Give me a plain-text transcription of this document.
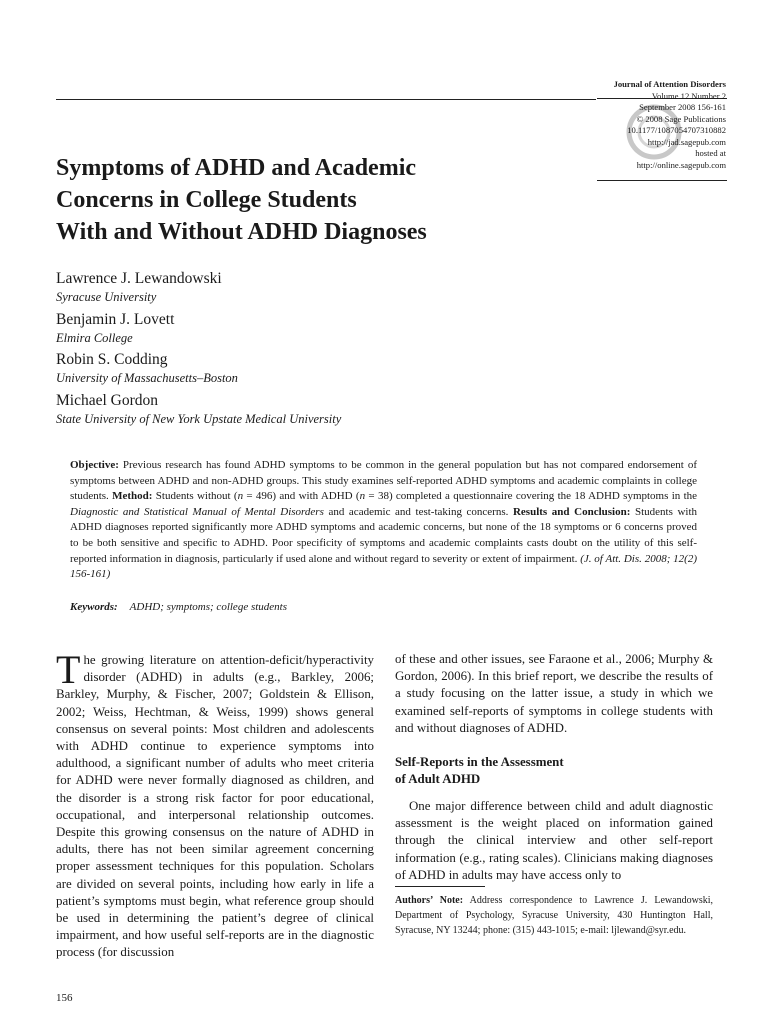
Journal of Attention Disorders
Volume 12 Number 2
September 2008 156-161
© 2008 Sage Publications
10.1177/1087054707310882
http://jad.sagepub.com
hosted at
http://online.sagepub.com
Symptoms of ADHD and Academic
Concerns in College Students
With and Without ADHD Diagnoses
Lawrence J. Lewandowski
Syracuse University
Benjamin J. Lovett
Elmira College
Robin S. Codding
University of Massachusetts–Boston
Michael Gordon
State University of New York Upstate Medical University

Objective: Previous research has found ADHD symptoms to be common in the general population but has not compared endorsement of symptoms between ADHD and non-ADHD groups. This study examines self-reported ADHD symptoms and academic complaints in college students. Method: Students without (n = 496) and with ADHD (n = 38) completed a questionnaire covering the 18 ADHD symptoms in the Diagnostic and Statistical Manual of Mental Disorders and academic and test-taking concerns. Results and Conclusion: Students with ADHD diagnoses reported significantly more ADHD symptoms and academic concerns, but none of the 18 symptoms or 6 concerns proved to be both sensitive and specific to ADHD. Poor specificity of symptoms and academic complaints casts doubt on the utility of this self-reported information in diagnosis, particularly if used alone and without regard to severity or extent of impairment. (J. of Att. Dis. 2008; 12(2) 156-161)

Keywords: ADHD; symptoms; college students

The growing literature on attention-deficit/hyperactivity disorder (ADHD) in adults (e.g., Barkley, 2006; Barkley, Murphy, & Fischer, 2007; Goldstein & Ellison, 2002; Weiss, Hechtman, & Weiss, 1999) shows general consensus on several points: Most children and adolescents with ADHD continue to experience symptoms into adulthood, a significant number of adults who meet criteria for ADHD were never formally diagnosed as children, and the disorder is a strong risk factor for poor educational, occupational, and interpersonal relationship outcomes. Despite this growing consensus on the nature of ADHD in adults, there has not been similar agreement concerning proper assessment techniques for this population. Scholars are divided on several points, including how early in life a patient’s symptoms must begin, what reference group should be used in determining the patient’s degree of clinical impairment, and how useful self-reports are in the diagnostic process (for discussion

of these and other issues, see Faraone et al., 2006; Murphy & Gordon, 2006). In this brief report, we describe the results of a study focusing on the latter issue, a study in which we examined self-reports of symptoms in college students with and without diagnoses of ADHD.

Self-Reports in the Assessment
of Adult ADHD

One major difference between child and adult diagnostic assessment is the weight placed on information gained through the clinical interview and other self-report information (e.g., rating scales). Clinicians making diagnoses of ADHD in adults may have access only to

Authors’ Note: Address correspondence to Lawrence J. Lewandowski, Department of Psychology, Syracuse University, 430 Huntington Hall, Syracuse, NY 13244; phone: (315) 443-1015; e-mail: ljlewand@syr.edu.
156
